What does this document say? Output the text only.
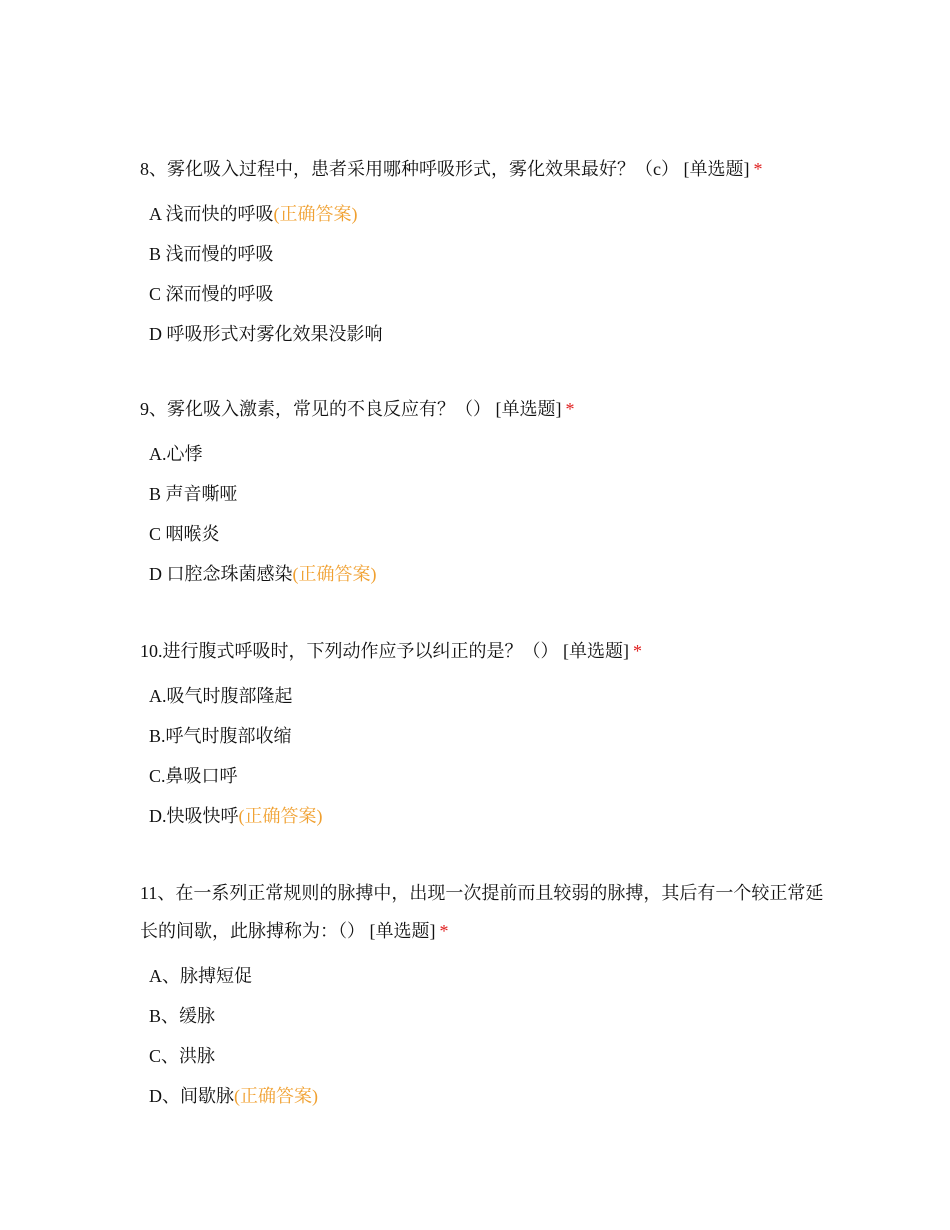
8、雾化吸入过程中，患者采用哪种呼吸形式，雾化效果最好？（c） [单选题] *

A 浅而快的呼吸(正确答案)
B 浅而慢的呼吸
C 深而慢的呼吸
D 呼吸形式对雾化效果没影响

9、雾化吸入激素，常见的不良反应有？（） [单选题] *

A.心悸
B 声音嘶哑
C 咽喉炎
D 口腔念珠菌感染(正确答案)

10.进行腹式呼吸时，下列动作应予以纠正的是？（） [单选题] *

A.吸气时腹部隆起
B.呼气时腹部收缩
C.鼻吸口呼
D.快吸快呼(正确答案)

11、在一系列正常规则的脉搏中，出现一次提前而且较弱的脉搏，其后有一个较正常延长的间歇，此脉搏称为：（） [单选题] *

A、脉搏短促
B、缓脉
C、洪脉
D、间歇脉(正确答案)
